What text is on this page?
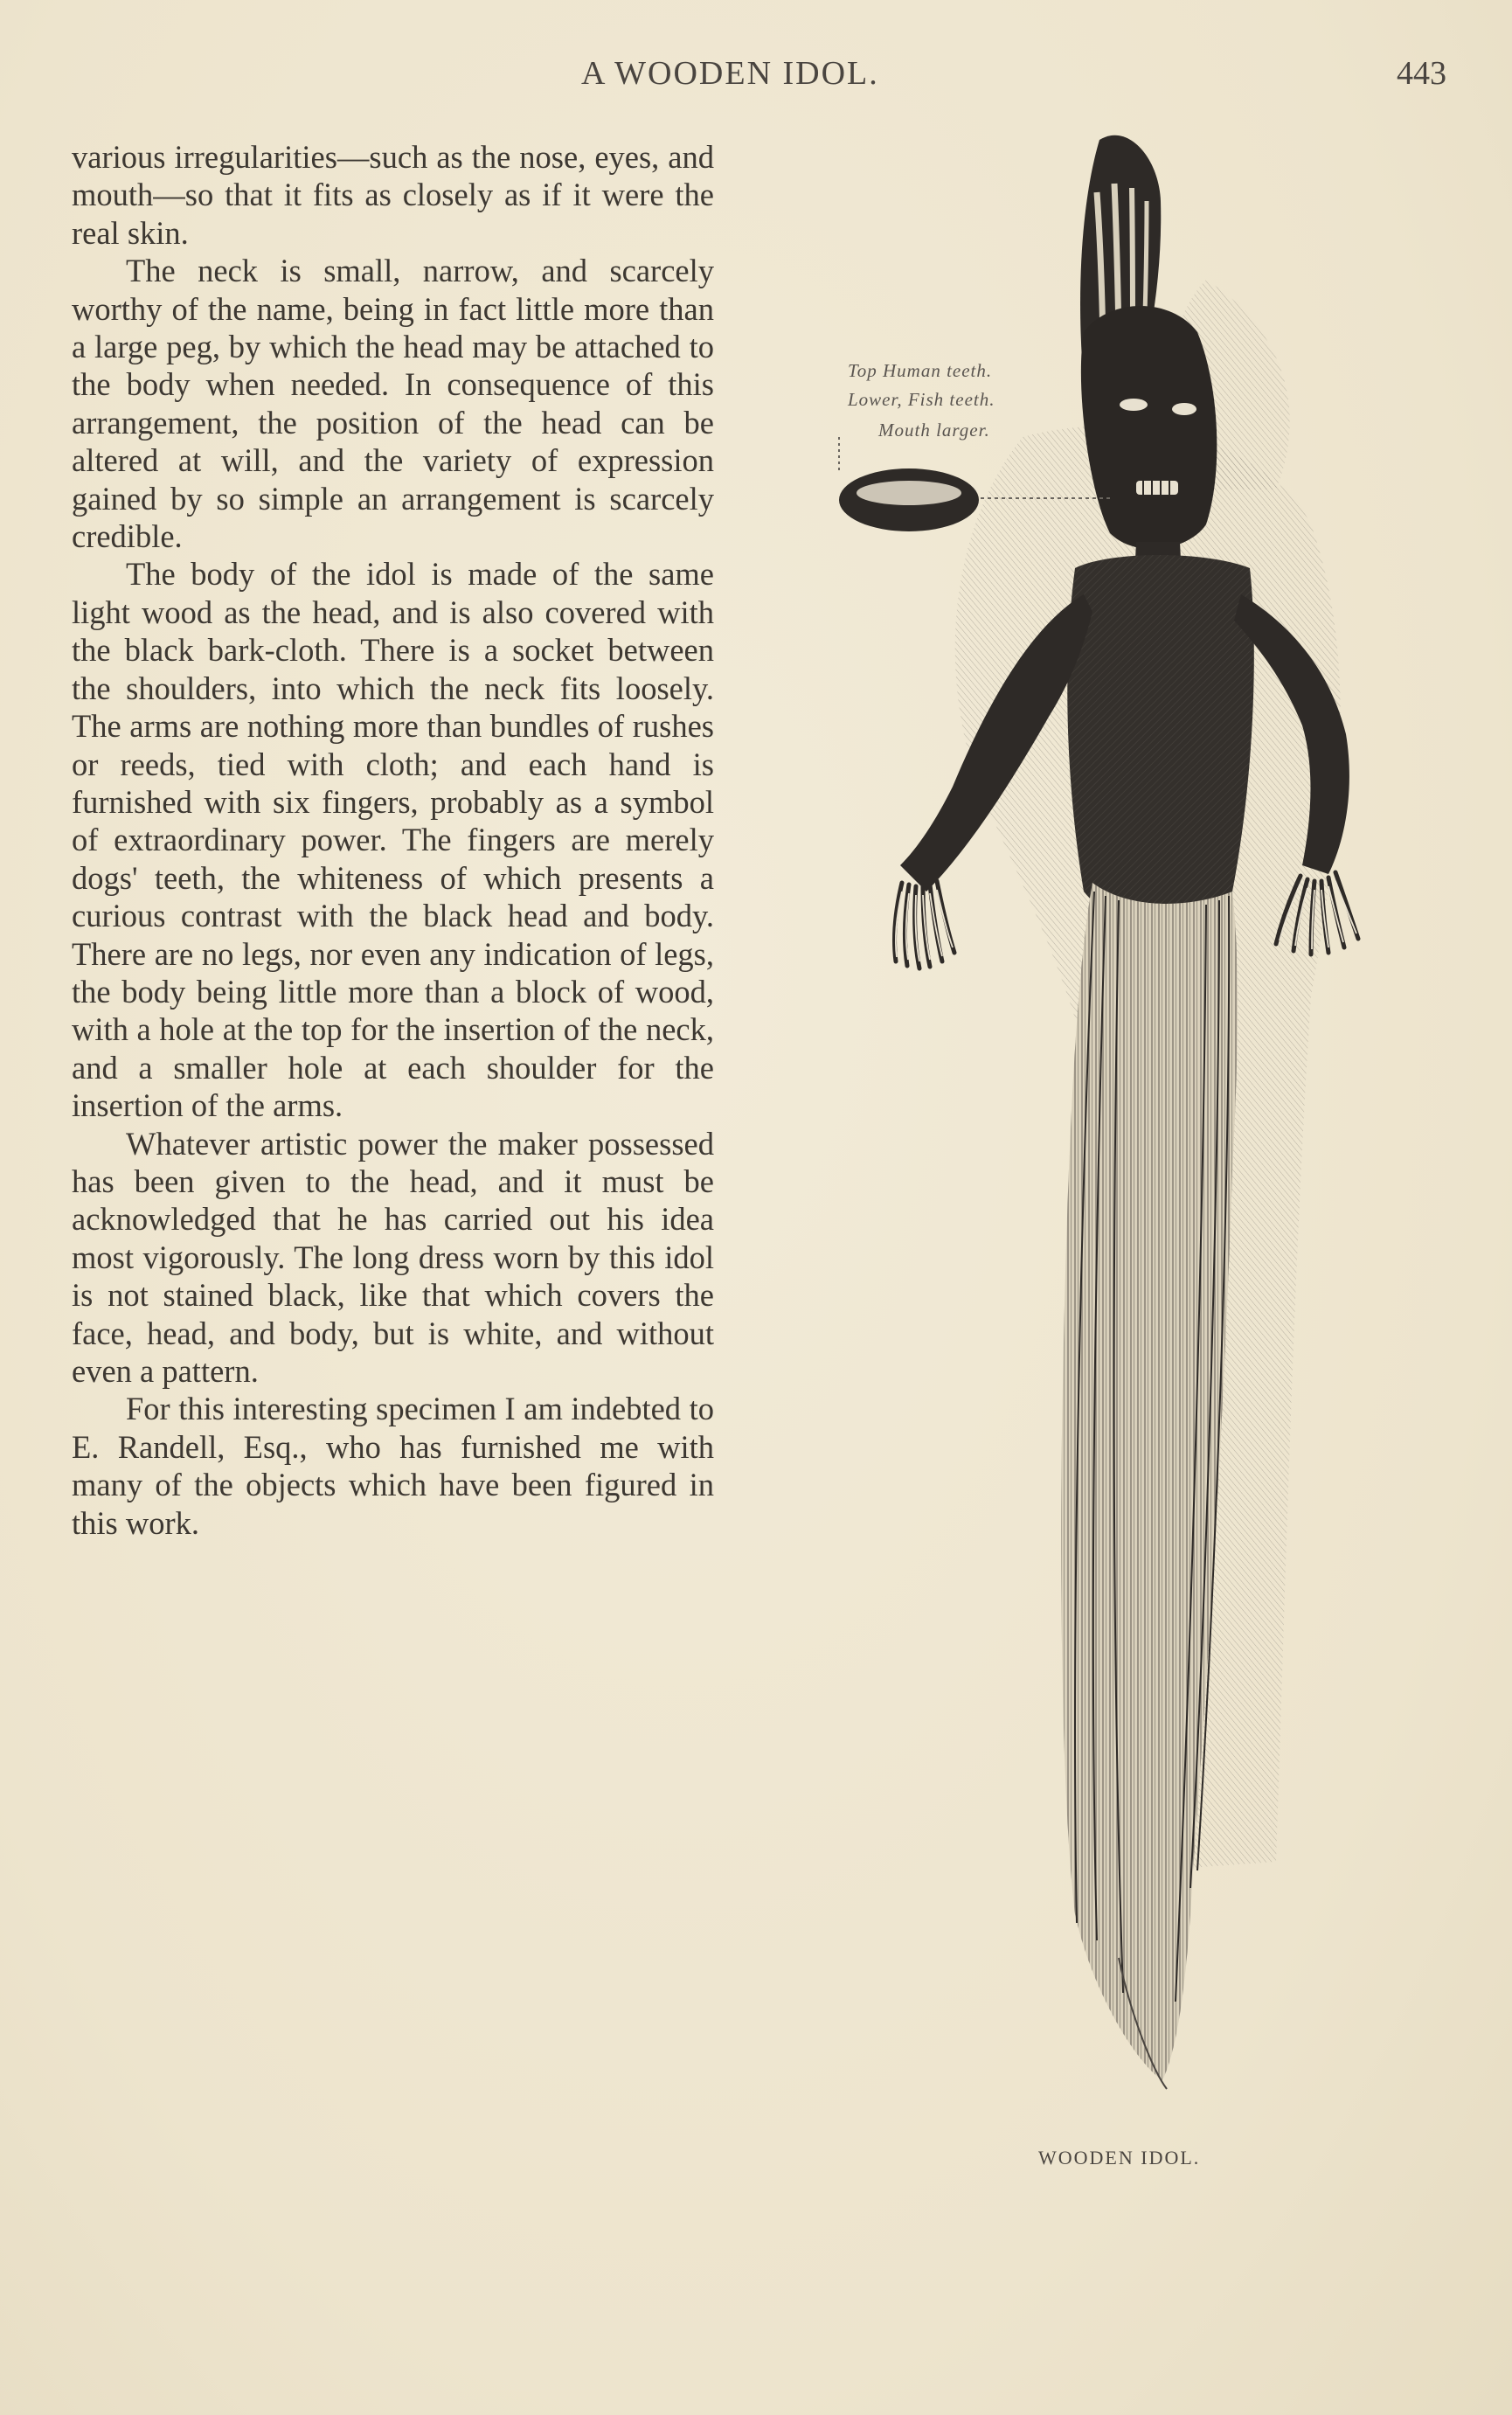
A WOODEN IDOL.	443

various irregularities—such as the nose, eyes, and mouth—so that it fits as closely as if it were the real skin.

The neck is small, narrow, and scarcely worthy of the name, being in fact little more than a large peg, by which the head may be attached to the body when needed. In consequence of this arrangement, the position of the head can be altered at will, and the variety of expression gained by so simple an arrangement is scarcely credible.

The body of the idol is made of the same light wood as the head, and is also covered with the black bark-cloth. There is a socket between the shoulders, into which the neck fits loosely. The arms are nothing more than bundles of rushes or reeds, tied with cloth; and each hand is furnished with six fingers, probably as a symbol of extraordinary power. The fingers are merely dogs' teeth, the whiteness of which presents a curious contrast with the black head and body. There are no legs, nor even any indication of legs, the body being little more than a block of wood, with a hole at the top for the insertion of the neck, and a smaller hole at each shoulder for the insertion of the arms.

Whatever artistic power the maker possessed has been given to the head, and it must be acknowledged that he has carried out his idea most vigorously. The long dress worn by this idol is not stained black, like that which covers the face, head, and body, but is white, and without even a pattern.

For this interesting specimen I am indebted to E. Randell, Esq., who has furnished me with many of the objects which have been figured in this work.

Top Human teeth.
Lower, Fish teeth.
Mouth larger.
WOODEN IDOL.
